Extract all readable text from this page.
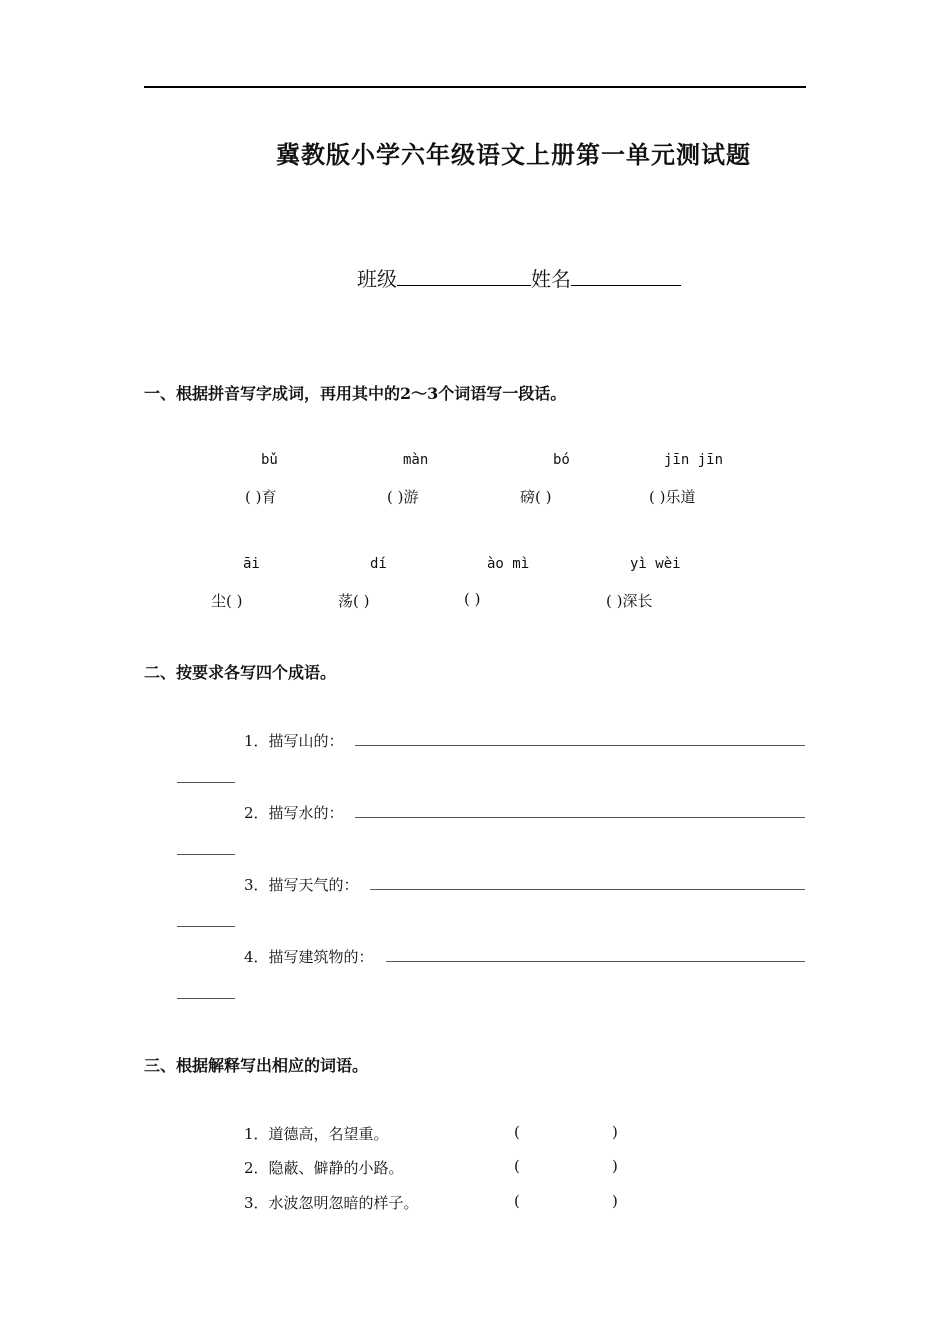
冀教版小学六年级语文上册第一单元测试题
班级	姓名
一、根据拼音写字成词，再用其中的2～3个词语写一段话。
bǔ	màn	bó	jīn jīn
( )育	( )游	磅( )	( )乐道
āi	dí	ào mì	yì wèi
尘( )	荡( )	( )	( )深长
二、按要求各写四个成语。
1．描写山的：
2．描写水的：
3．描写天气的：
4．描写建筑物的：
三、根据解释写出相应的词语。
1．道德高，名望重。	(	)
2．隐蔽、僻静的小路。	(	)
3．水波忽明忽暗的样子。	(	)
